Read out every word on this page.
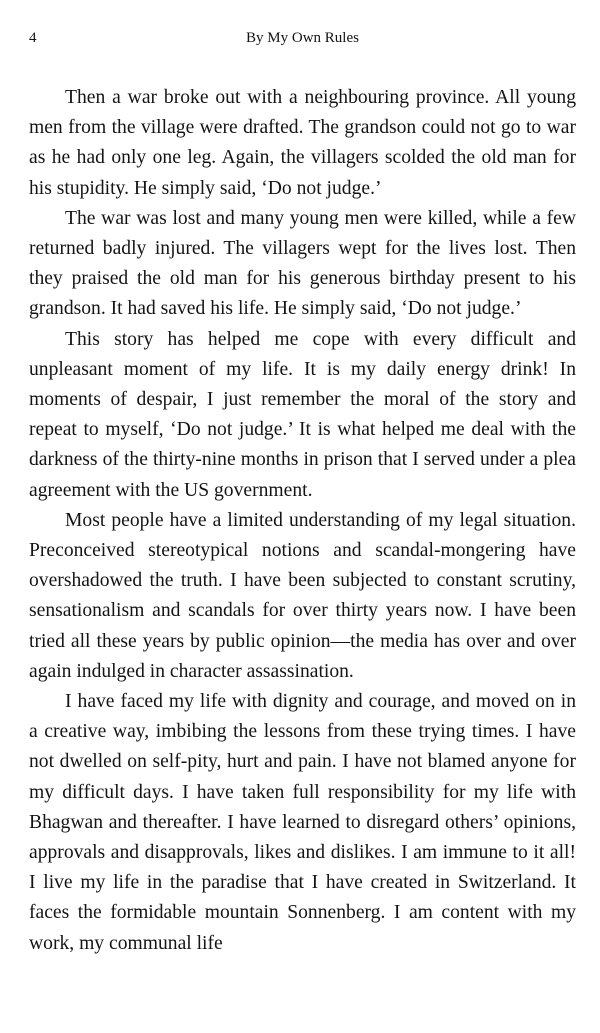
4	By My Own Rules

Then a war broke out with a neighbouring province. All young men from the village were drafted. The grandson could not go to war as he had only one leg. Again, the villagers scolded the old man for his stupidity. He simply said, ‘Do not judge.’

The war was lost and many young men were killed, while a few returned badly injured. The villagers wept for the lives lost. Then they praised the old man for his generous birthday present to his grandson. It had saved his life. He simply said, ‘Do not judge.’

This story has helped me cope with every difficult and unpleasant moment of my life. It is my daily energy drink! In moments of despair, I just remember the moral of the story and repeat to myself, ‘Do not judge.’ It is what helped me deal with the darkness of the thirty-nine months in prison that I served under a plea agreement with the US government.

Most people have a limited understanding of my legal situation. Preconceived stereotypical notions and scandal-mongering have overshadowed the truth. I have been subjected to constant scrutiny, sensationalism and scandals for over thirty years now. I have been tried all these years by public opinion—the media has over and over again indulged in character assassination.

I have faced my life with dignity and courage, and moved on in a creative way, imbibing the lessons from these trying times. I have not dwelled on self-pity, hurt and pain. I have not blamed anyone for my difficult days. I have taken full responsibility for my life with Bhagwan and thereafter. I have learned to disregard others’ opinions, approvals and disapprovals, likes and dislikes. I am immune to it all! I live my life in the paradise that I have created in Switzerland. It faces the formidable mountain Sonnenberg. I am content with my work, my communal life
